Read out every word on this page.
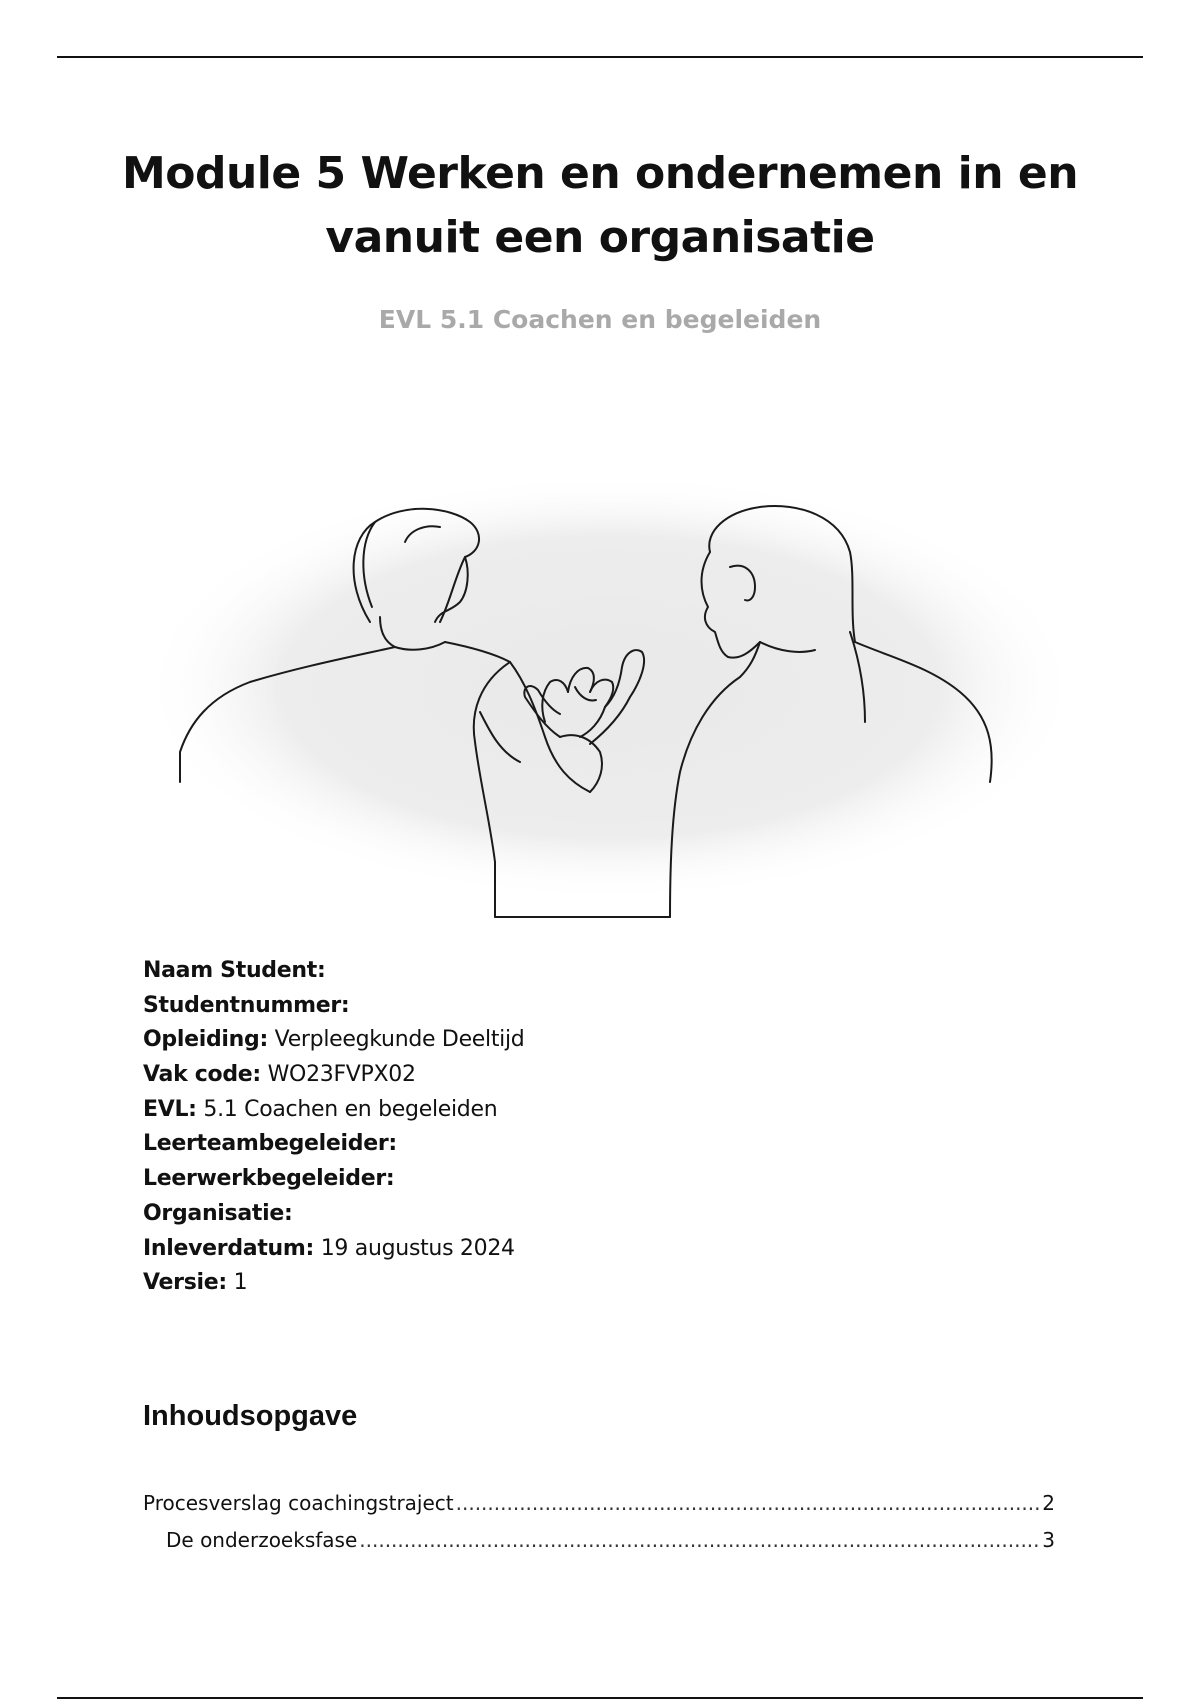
Module 5 Werken en ondernemen in en vanuit een organisatie
EVL 5.1 Coachen en begeleiden
Naam Student:
Studentnummer:
Opleiding: Verpleegkunde Deeltijd
Vak code: WO23FVPX02
EVL: 5.1 Coachen en begeleiden
Leerteambegeleider:
Leerwerkbegeleider:
Organisatie:
Inleverdatum: 19 augustus 2024
Versie: 1
Inhoudsopgave
Procesverslag coachingstraject .....	2
De onderzoeksfase .....	3
